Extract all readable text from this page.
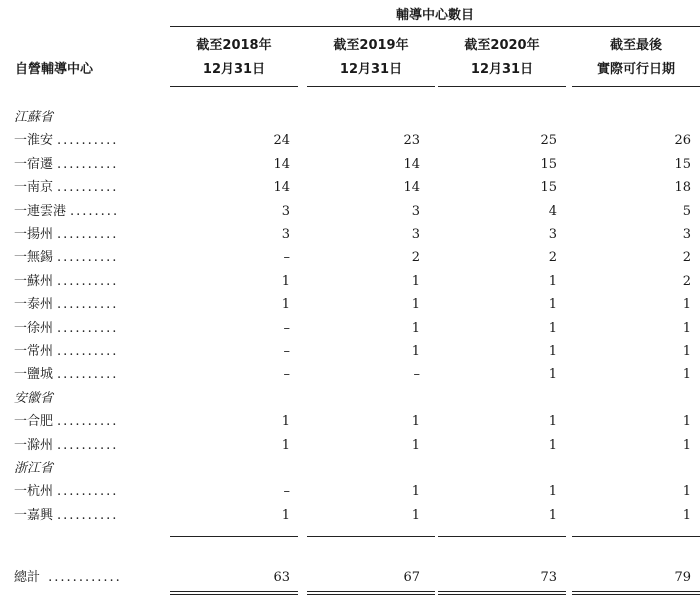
輔導中心數目
截至2018年
12月31日
截至2019年
12月31日
截至2020年
12月31日
截至最後
實際可行日期
自營輔導中心
江蘇省
一淮安 ..........	24	23	25	26
一宿遷 ..........	14	14	15	15
一南京 ..........	14	14	15	18
一連雲港 ........	3	3	4	5
一揚州 ..........	3	3	3	3
一無錫 ..........	–	2	2	2
一蘇州 ..........	1	1	1	2
一泰州 ..........	1	1	1	1
一徐州 ..........	–	1	1	1
一常州 ..........	–	1	1	1
一鹽城 ..........	–	–	1	1
安徽省
一合肥 ..........	1	1	1	1
一滁州 ..........	1	1	1	1
浙江省
一杭州 ..........	–	1	1	1
一嘉興 ..........	1	1	1	1
總計 ............	63	67	73	79
